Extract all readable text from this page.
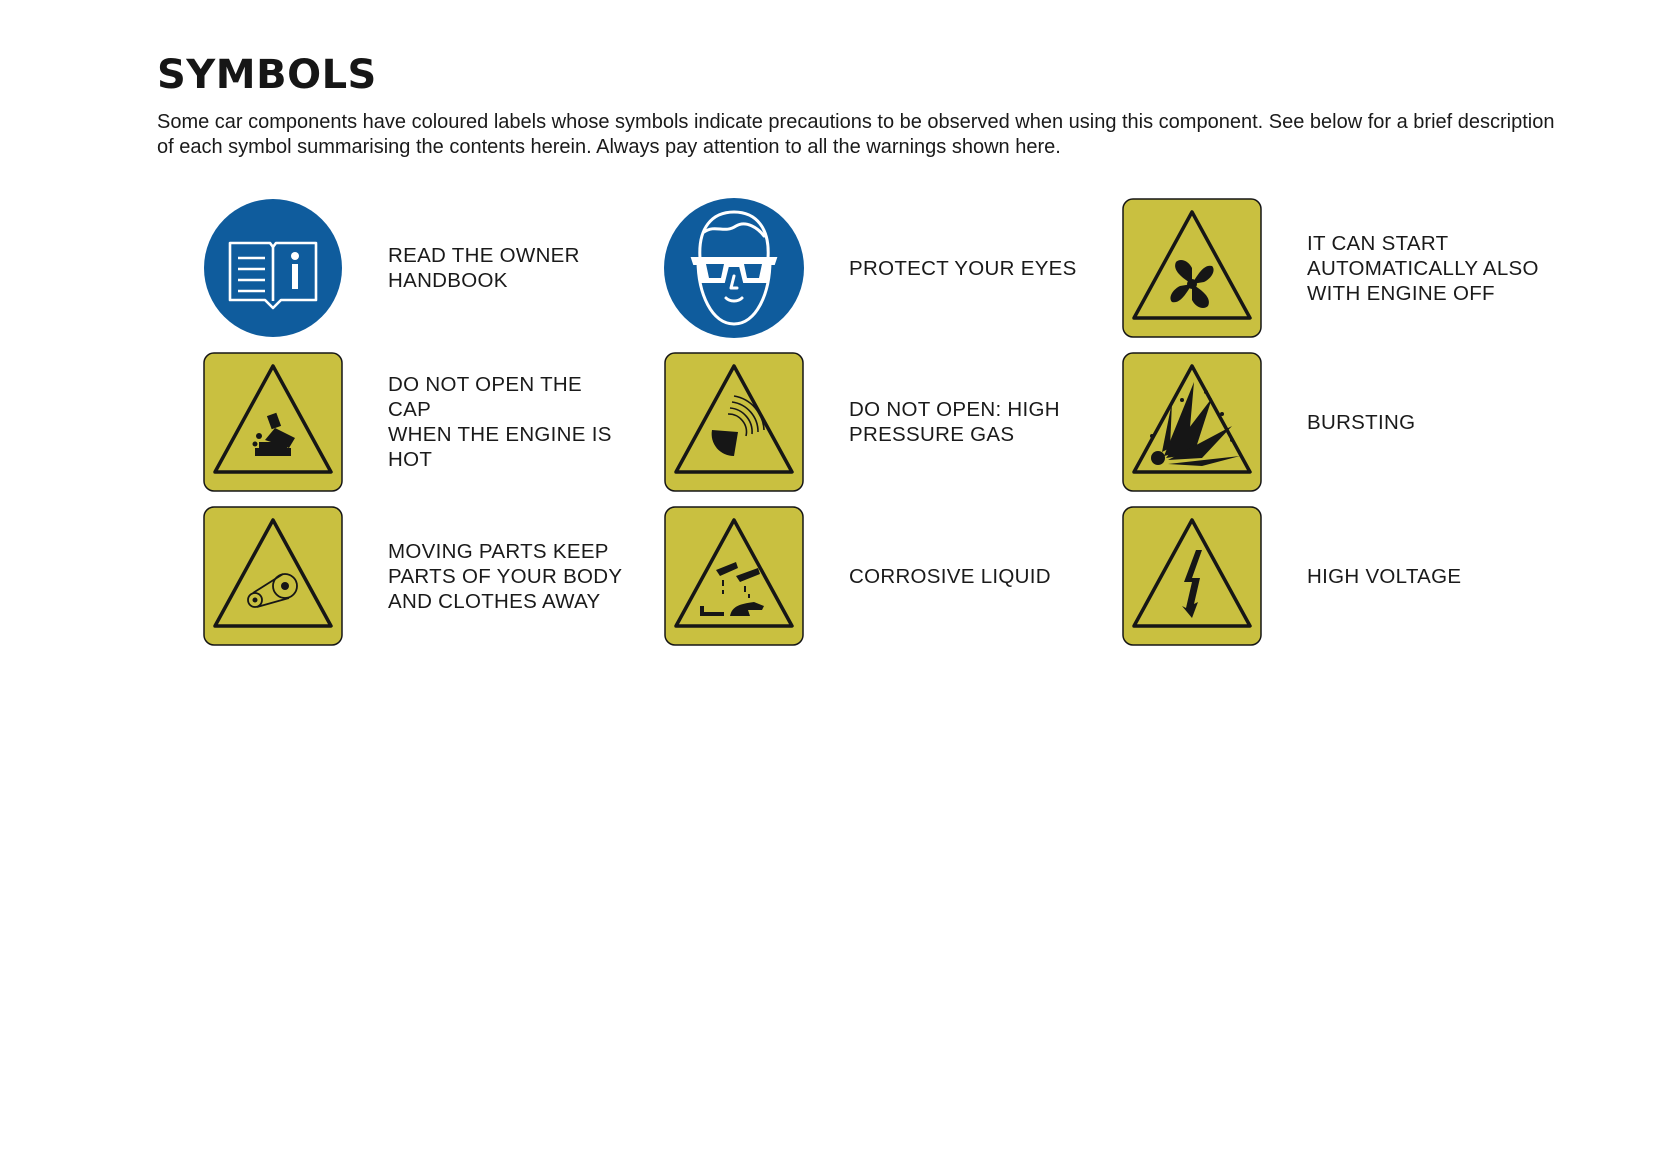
SYMBOLS

Some car components have coloured labels whose symbols indicate precautions to be observed when using this component. See below for a brief description of each symbol summarising the contents herein. Always pay attention to all the warnings shown here.

READ THE OWNER
HANDBOOK
PROTECT YOUR EYES
IT CAN START
AUTOMATICALLY ALSO
WITH ENGINE OFF
DO NOT OPEN THE CAP
WHEN THE ENGINE IS
HOT
DO NOT OPEN: HIGH
PRESSURE GAS
BURSTING
MOVING PARTS KEEP
PARTS OF YOUR BODY
AND CLOTHES AWAY
CORROSIVE LIQUID	HIGH VOLTAGE
